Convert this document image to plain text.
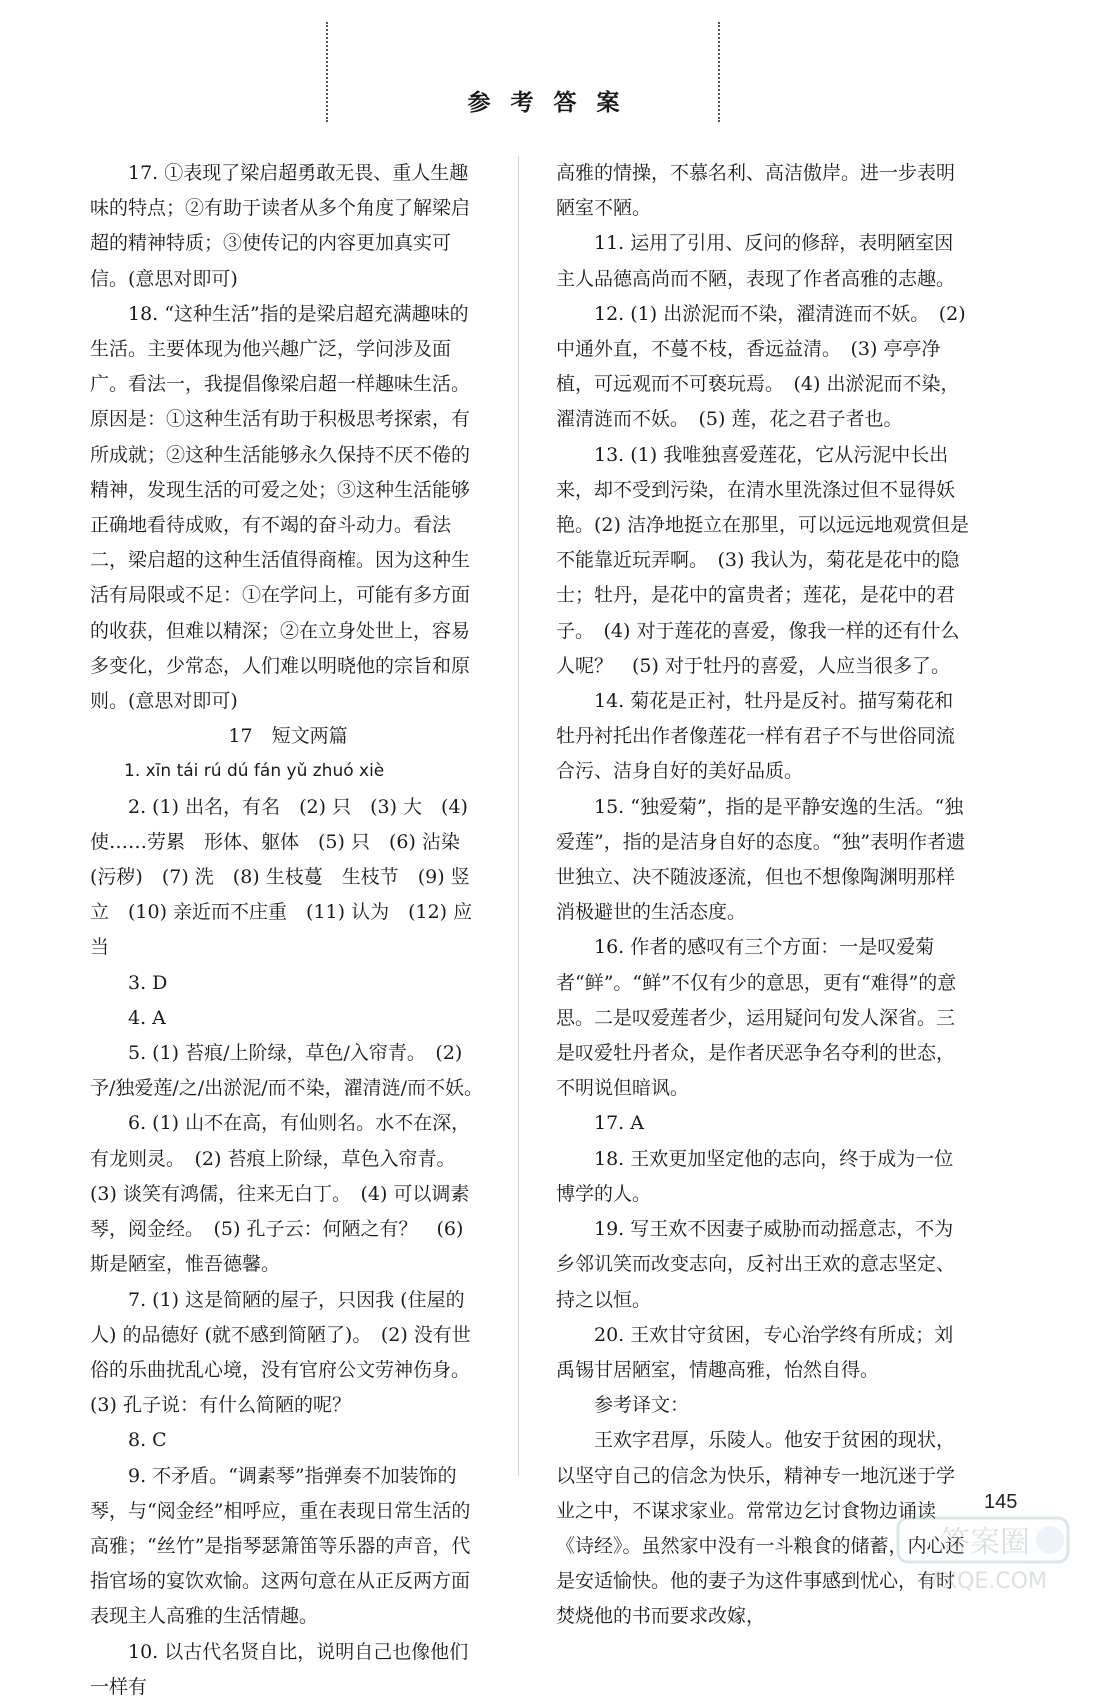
参 考 答 案

17. ①表现了梁启超勇敢无畏、重人生趣味的特点；②有助于读者从多个角度了解梁启超的精神特质；③使传记的内容更加真实可信。(意思对即可)

18. “这种生活”指的是梁启超充满趣味的生活。主要体现为他兴趣广泛，学问涉及面广。看法一，我提倡像梁启超一样趣味生活。原因是：①这种生活有助于积极思考探索，有所成就；②这种生活能够永久保持不厌不倦的精神，发现生活的可爱之处；③这种生活能够正确地看待成败，有不竭的奋斗动力。看法二，梁启超的这种生活值得商榷。因为这种生活有局限或不足：①在学问上，可能有多方面的收获，但难以精深；②在立身处世上，容易多变化，少常态，人们难以明晓他的宗旨和原则。(意思对即可)

17　短文两篇

1. xīn tái rú dú fán yǔ zhuó xiè

2. (1) 出名，有名　(2) 只　(3) 大　(4) 使……劳累　形体、躯体　(5) 只　(6) 沾染 (污秽)　(7) 洗　(8) 生枝蔓　生枝节　(9) 竖立　(10) 亲近而不庄重　(11) 认为　(12) 应当

3. D

4. A

5. (1) 苔痕/上阶绿，草色/入帘青。　(2) 予/独爱莲/之/出淤泥/而不染，濯清涟/而不妖。

6. (1) 山不在高，有仙则名。水不在深，有龙则灵。　(2) 苔痕上阶绿，草色入帘青。　(3) 谈笑有鸿儒，往来无白丁。　(4) 可以调素琴，阅金经。　(5) 孔子云：何陋之有？　(6) 斯是陋室，惟吾德馨。

7. (1) 这是简陋的屋子，只因我 (住屋的人) 的品德好 (就不感到简陋了)。　(2) 没有世俗的乐曲扰乱心境，没有官府公文劳神伤身。　(3) 孔子说：有什么简陋的呢？

8. C

9. 不矛盾。“调素琴”指弹奏不加装饰的琴，与“阅金经”相呼应，重在表现日常生活的高雅；“丝竹”是指琴瑟箫笛等乐器的声音，代指官场的宴饮欢愉。这两句意在从正反两方面表现主人高雅的生活情趣。

10. 以古代名贤自比，说明自己也像他们一样有

高雅的情操，不慕名利、高洁傲岸。进一步表明陋室不陋。

11. 运用了引用、反问的修辞，表明陋室因主人品德高尚而不陋，表现了作者高雅的志趣。

12. (1) 出淤泥而不染，濯清涟而不妖。　(2) 中通外直，不蔓不枝，香远益清。　(3) 亭亭净植，可远观而不可亵玩焉。　(4) 出淤泥而不染，濯清涟而不妖。　(5) 莲，花之君子者也。

13. (1) 我唯独喜爱莲花，它从污泥中长出来，却不受到污染，在清水里洗涤过但不显得妖艳。(2) 洁净地挺立在那里，可以远远地观赏但是不能靠近玩弄啊。　(3) 我认为，菊花是花中的隐士；牡丹，是花中的富贵者；莲花，是花中的君子。　(4) 对于莲花的喜爱，像我一样的还有什么人呢？　(5) 对于牡丹的喜爱，人应当很多了。

14. 菊花是正衬，牡丹是反衬。描写菊花和牡丹衬托出作者像莲花一样有君子不与世俗同流合污、洁身自好的美好品质。

15. “独爱菊”，指的是平静安逸的生活。“独爱莲”，指的是洁身自好的态度。“独”表明作者遗世独立、决不随波逐流，但也不想像陶渊明那样消极避世的生活态度。

16. 作者的感叹有三个方面：一是叹爱菊者“鲜”。“鲜”不仅有少的意思，更有“难得”的意思。二是叹爱莲者少，运用疑问句发人深省。三是叹爱牡丹者众，是作者厌恶争名夺利的世态，不明说但暗讽。

17. A

18. 王欢更加坚定他的志向，终于成为一位博学的人。

19. 写王欢不因妻子威胁而动摇意志，不为乡邻讥笑而改变志向，反衬出王欢的意志坚定、持之以恒。

20. 王欢甘守贫困，专心治学终有所成；刘禹锡甘居陋室，情趣高雅，怡然自得。

参考译文：

王欢字君厚，乐陵人。他安于贫困的现状，以坚守自己的信念为快乐，精神专一地沉迷于学业之中，不谋求家业。常常边乞讨食物边诵读《诗经》。虽然家中没有一斗粮食的储蓄，内心还是安适愉快。他的妻子为这件事感到忧心，有时焚烧他的书而要求改嫁，

145
答案圈
MXQE.COM
